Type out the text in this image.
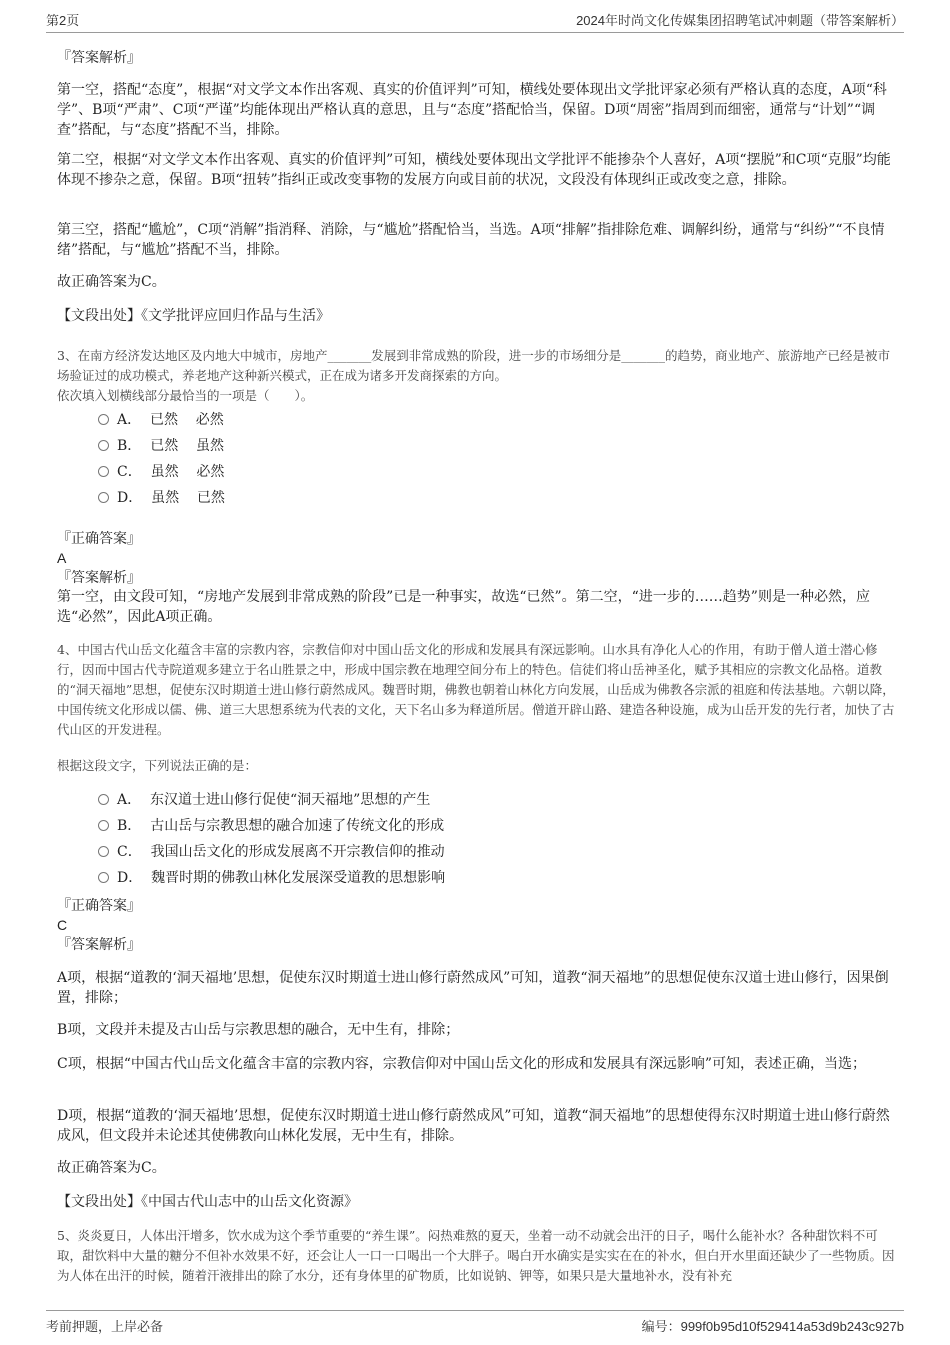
第2页	2024年时尚文化传媒集团招聘笔试冲刺题（带答案解析）

『答案解析』

第一空，搭配“态度”，根据“对文学文本作出客观、真实的价值评判”可知，横线处要体现出文学批评家必须有严格认真的态度，A项“科学”、B项“严肃”、C项“严谨”均能体现出严格认真的意思，且与“态度”搭配恰当，保留。D项“周密”指周到而细密，通常与“计划”“调查”搭配，与“态度”搭配不当，排除。

第二空，根据“对文学文本作出客观、真实的价值评判”可知，横线处要体现出文学批评不能掺杂个人喜好，A项“摆脱”和C项“克服”均能体现不掺杂之意，保留。B项“扭转”指纠正或改变事物的发展方向或目前的状况，文段没有体现纠正或改变之意，排除。

第三空，搭配“尴尬”，C项“消解”指消释、消除，与“尴尬”搭配恰当，当选。A项“排解”指排除危难、调解纠纷，通常与“纠纷”“不良情绪”搭配，与“尴尬”搭配不当，排除。

故正确答案为C。

【文段出处】《文学批评应回归作品与生活》

3、在南方经济发达地区及内地大中城市，房地产_______发展到非常成熟的阶段，进一步的市场细分是_______的趋势，商业地产、旅游地产已经是被市场验证过的成功模式，养老地产这种新兴模式，正在成为诸多开发商探索的方向。

依次填入划横线部分最恰当的一项是（　　）。

A．  已然    必然
B．  已然    虽然
C．  虽然    必然
D．  虽然    已然

『正确答案』

A

『答案解析』

第一空，由文段可知，“房地产发展到非常成熟的阶段”已是一种事实，故选“已然”。第二空，“进一步的……趋势”则是一种必然，应选“必然”，因此A项正确。

4、中国古代山岳文化蕴含丰富的宗教内容，宗教信仰对中国山岳文化的形成和发展具有深远影响。山水具有净化人心的作用，有助于僧人道士潜心修行，因而中国古代寺院道观多建立于名山胜景之中，形成中国宗教在地理空间分布上的特色。信徒们将山岳神圣化，赋予其相应的宗教文化品格。道教的“洞天福地”思想，促使东汉时期道士进山修行蔚然成风。魏晋时期，佛教也朝着山林化方向发展，山岳成为佛教各宗派的祖庭和传法基地。六朝以降，中国传统文化形成以儒、佛、道三大思想系统为代表的文化，天下名山多为释道所居。僧道开辟山路、建造各种设施，成为山岳开发的先行者，加快了古代山区的开发进程。

根据这段文字，下列说法正确的是：

A．  东汉道士进山修行促使“洞天福地”思想的产生
B．  古山岳与宗教思想的融合加速了传统文化的形成
C．  我国山岳文化的形成发展离不开宗教信仰的推动
D．  魏晋时期的佛教山林化发展深受道教的思想影响

『正确答案』

C

『答案解析』

A项，根据“道教的‘洞天福地’思想，促使东汉时期道士进山修行蔚然成风”可知，道教“洞天福地”的思想促使东汉道士进山修行，因果倒置，排除；

B项，文段并未提及古山岳与宗教思想的融合，无中生有，排除；

C项，根据“中国古代山岳文化蕴含丰富的宗教内容，宗教信仰对中国山岳文化的形成和发展具有深远影响”可知，表述正确，当选；

D项，根据“道教的‘洞天福地’思想，促使东汉时期道士进山修行蔚然成风”可知，道教“洞天福地”的思想使得东汉时期道士进山修行蔚然成风，但文段并未论述其使佛教向山林化发展，无中生有，排除。

故正确答案为C。

【文段出处】《中国古代山志中的山岳文化资源》

5、炎炎夏日，人体出汗增多，饮水成为这个季节重要的“养生课”。闷热难熬的夏天，坐着一动不动就会出汗的日子，喝什么能补水？各种甜饮料不可取，甜饮料中大量的糖分不但补水效果不好，还会让人一口一口喝出一个大胖子。喝白开水确实是实实在在的补水，但白开水里面还缺少了一些物质。因为人体在出汗的时候，随着汗液排出的除了水分，还有身体里的矿物质，比如说钠、钾等，如果只是大量地补水，没有补充

考前押题，上岸必备	编号：999f0b95d10f529414a53d9b243c927b
